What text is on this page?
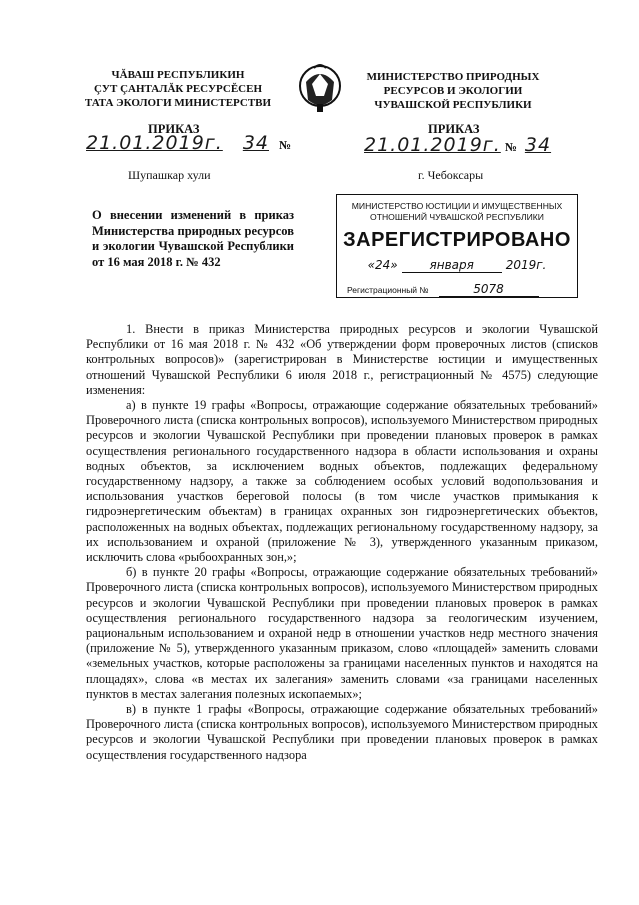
ЧĂВАШ РЕСПУБЛИКИН
ÇУТ ÇАНТАЛĂК РЕСУРСĔСЕН
ТАТА ЭКОЛОГИ МИНИСТЕРСТВИ
МИНИСТЕРСТВО ПРИРОДНЫХ
РЕСУРСОВ И ЭКОЛОГИИ
ЧУВАШСКОЙ РЕСПУБЛИКИ
ПРИКАЗ	ПРИКАЗ
21.01.2019г. 34 №	21.01.2019г. № 34
Шупашкар хули	г. Чебоксары
О внесении изменений в приказ Министерства природных ресурсов и экологии Чувашской Республики от 16 мая 2018 г. № 432
МИНИСТЕРСТВО ЮСТИЦИИ И ИМУЩЕСТВЕННЫХ
ОТНОШЕНИЙ ЧУВАШСКОЙ РЕСПУБЛИКИ
ЗАРЕГИСТРИРОВАНО
«24»	января	2019г.
Регистрационный №	5078

1. Внести в приказ Министерства природных ресурсов и экологии Чувашской Республики от 16 мая 2018 г. № 432 «Об утверждении форм проверочных листов (списков контрольных вопросов)» (зарегистрирован в Министерстве юстиции и имущественных отношений Чувашской Республики 6 июля 2018 г., регистрационный № 4575) следующие изменения:

а) в пункте 19 графы «Вопросы, отражающие содержание обязательных требований» Проверочного листа (списка контрольных вопросов), используемого Министерством природных ресурсов и экологии Чувашской Республики при проведении плановых проверок в рамках осуществления регионального государственного надзора в области использования и охраны водных объектов, за исключением водных объектов, подлежащих федеральному государственному надзору, а также за соблюдением особых условий водопользования и использования участков береговой полосы (в том числе участков примыкания к гидроэнергетическим объектам) в границах охранных зон гидроэнергетических объектов, расположенных на водных объектах, подлежащих региональному государственному надзору, за их использованием и охраной (приложение № 3), утвержденного указанным приказом, исключить слова «рыбоохранных зон,»;

б) в пункте 20 графы «Вопросы, отражающие содержание обязательных требований» Проверочного листа (списка контрольных вопросов), используемого Министерством природных ресурсов и экологии Чувашской Республики при проведении плановых проверок в рамках осуществления регионального государственного надзора за геологическим изучением, рациональным использованием и охраной недр в отношении участков недр местного значения (приложение № 5), утвержденного указанным приказом, слово «площадей» заменить словами «земельных участков, которые расположены за границами населенных пунктов и находятся на площадях», слова «в местах их залегания» заменить словами «за границами населенных пунктов в местах залегания полезных ископаемых»;

в) в пункте 1 графы «Вопросы, отражающие содержание обязательных требований» Проверочного листа (списка контрольных вопросов), используемого Министерством природных ресурсов и экологии Чувашской Республики при проведении плановых проверок в рамках осуществления государственного надзора
